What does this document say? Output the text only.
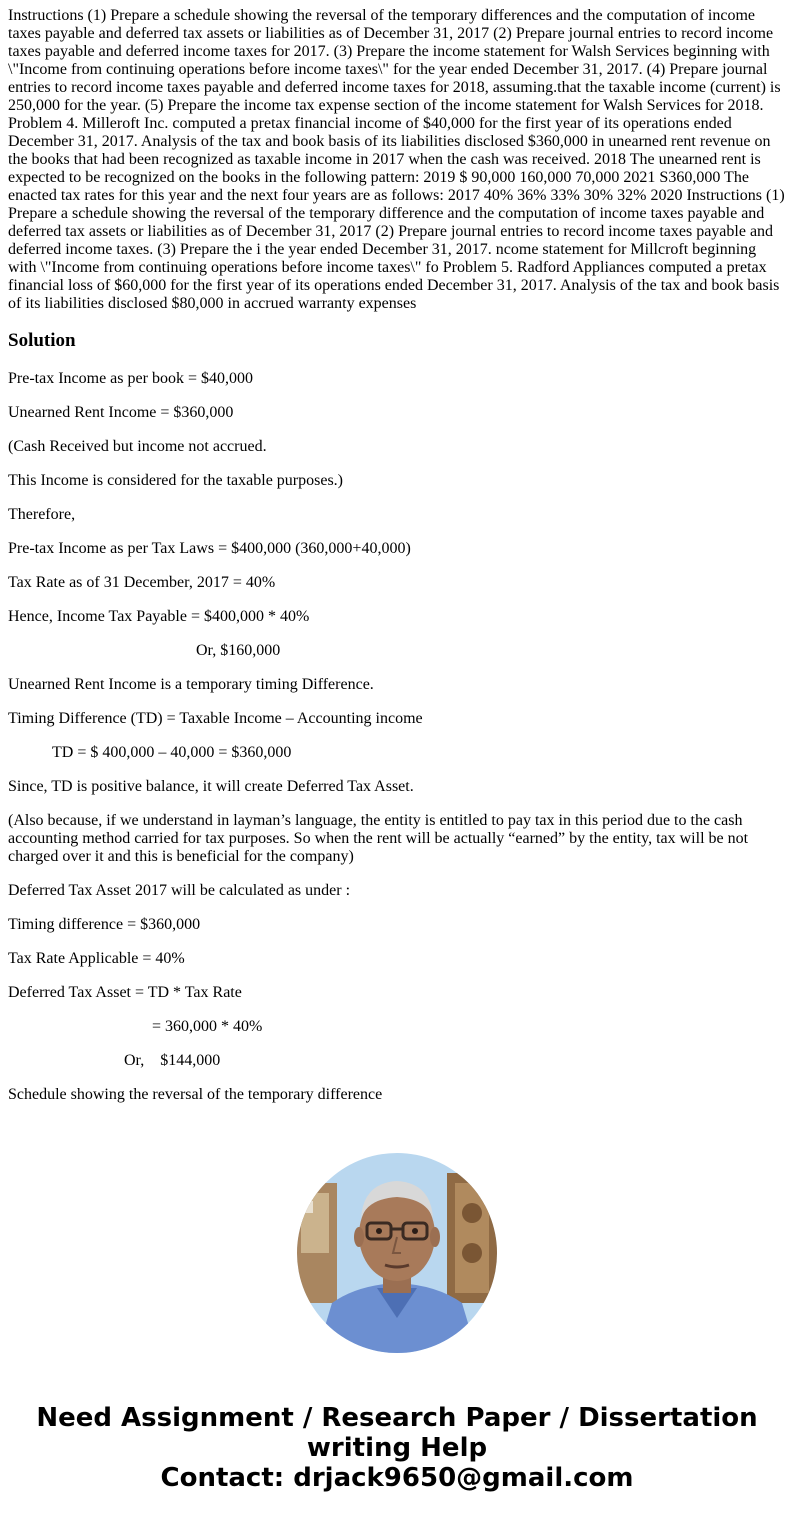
Instructions (1) Prepare a schedule showing the reversal of the temporary differences and the computation of income taxes payable and deferred tax assets or liabilities as of December 31, 2017 (2) Prepare journal entries to record income taxes payable and deferred income taxes for 2017. (3) Prepare the income statement for Walsh Services beginning with \"Income from continuing operations before income taxes\" for the year ended December 31, 2017. (4) Prepare journal entries to record income taxes payable and deferred income taxes for 2018, assuming.that the taxable income (current) is 250,000 for the year. (5) Prepare the income tax expense section of the income statement for Walsh Services for 2018. Problem 4. Milleroft Inc. computed a pretax financial income of $40,000 for the first year of its operations ended December 31, 2017. Analysis of the tax and book basis of its liabilities disclosed $360,000 in unearned rent revenue on the books that had been recognized as taxable income in 2017 when the cash was received. 2018 The unearned rent is expected to be recognized on the books in the following pattern: 2019 $ 90,000 160,000 70,000 2021 S360,000 The enacted tax rates for this year and the next four years are as follows: 2017 40% 36% 33% 30% 32% 2020 Instructions (1) Prepare a schedule showing the reversal of the temporary difference and the computation of income taxes payable and deferred tax assets or liabilities as of December 31, 2017 (2) Prepare journal entries to record income taxes payable and deferred income taxes. (3) Prepare the i the year ended December 31, 2017. ncome statement for Millcroft beginning with \"Income from continuing operations before income taxes\" fo Problem 5. Radford Appliances computed a pretax financial loss of $60,000 for the first year of its operations ended December 31, 2017. Analysis of the tax and book basis of its liabilities disclosed $80,000 in accrued warranty expenses

Solution

Pre-tax Income as per book = $40,000

Unearned Rent Income = $360,000

(Cash Received but income not accrued.

This Income is considered for the taxable purposes.)

Therefore,

Pre-tax Income as per Tax Laws = $400,000 (360,000+40,000)

Tax Rate as of 31 December, 2017 = 40%

Hence, Income Tax Payable = $400,000 * 40%

Or, $160,000

Unearned Rent Income is a temporary timing Difference.

Timing Difference (TD) = Taxable Income – Accounting income

TD = $ 400,000 – 40,000 = $360,000

Since, TD is positive balance, it will create Deferred Tax Asset.

(Also because, if we understand in layman’s language, the entity is entitled to pay tax in this period due to the cash accounting method carried for tax purposes. So when the rent will be actually “earned” by the entity, tax will be not charged over it and this is beneficial for the company)

Deferred Tax Asset 2017 will be calculated as under :

Timing difference = $360,000

Tax Rate Applicable = 40%

Deferred Tax Asset = TD * Tax Rate

= 360,000 * 40%

Or,    $144,000

Schedule showing the reversal of the temporary difference

Need Assignment / Research Paper / Dissertation
writing Help
Contact: drjack9650@gmail.com
